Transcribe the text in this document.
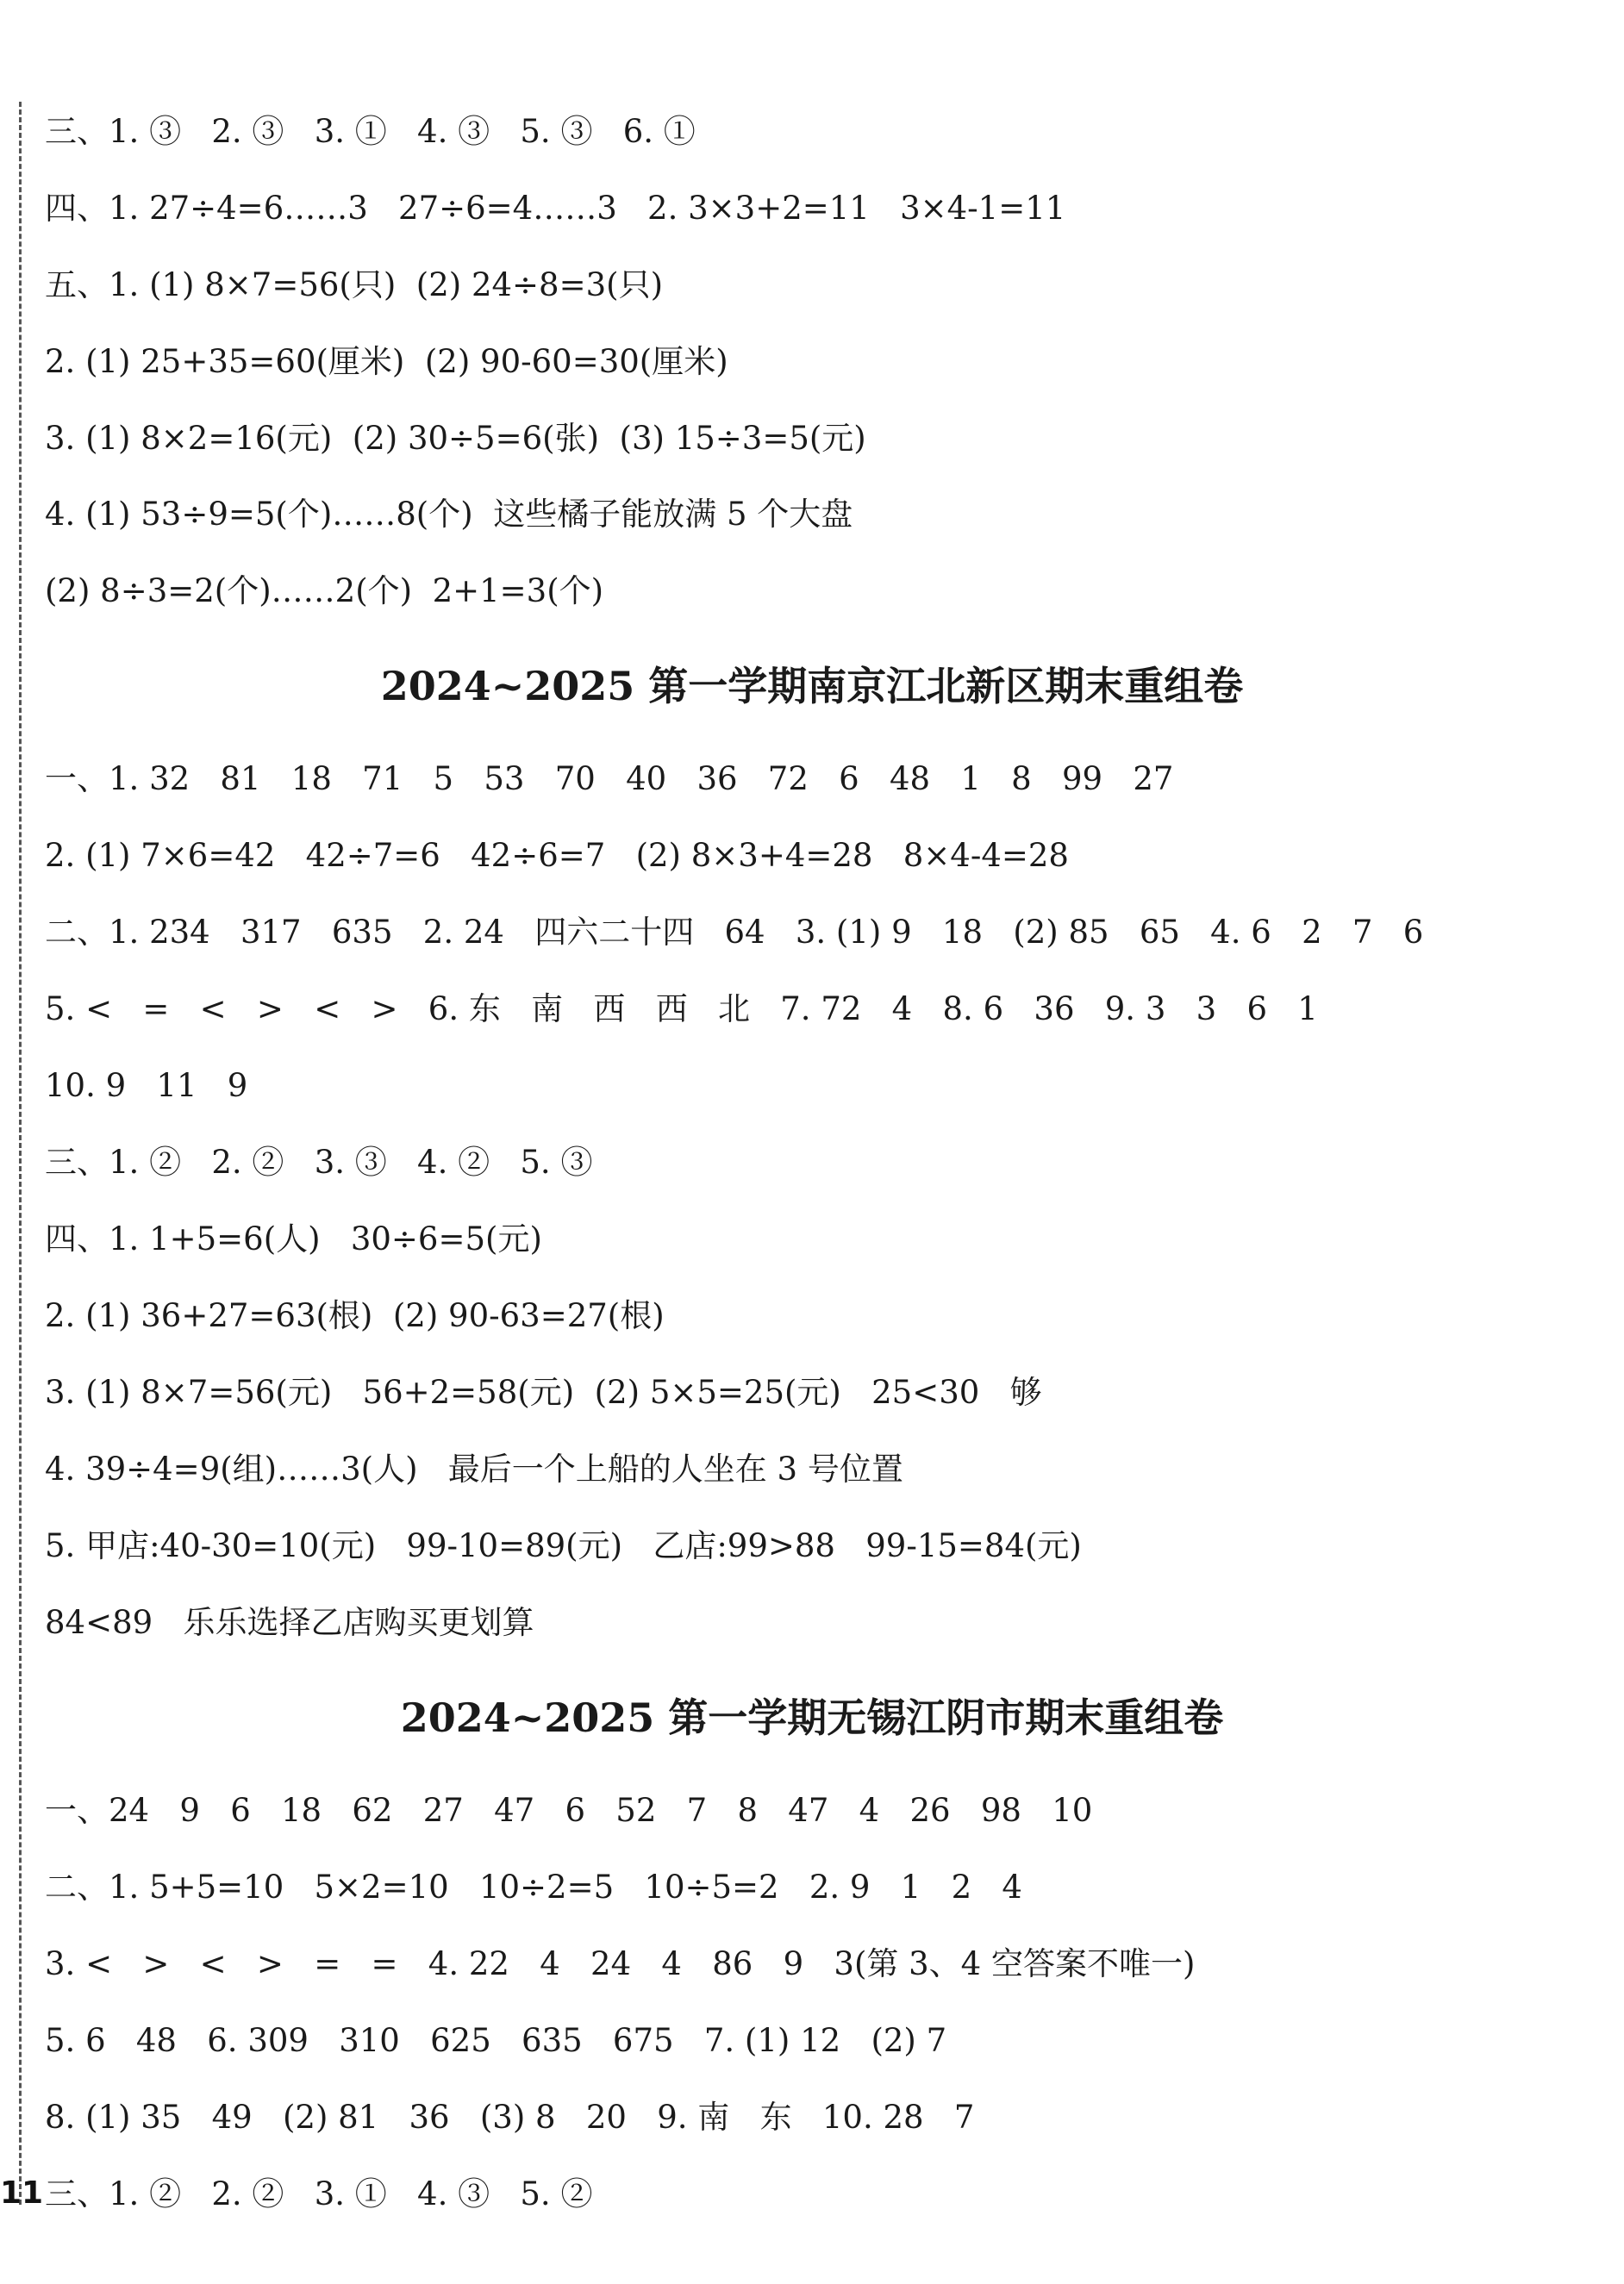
三、1. ③   2. ③   3. ①   4. ③   5. ③   6. ①
四、1. 27÷4=6……3   27÷6=4……3   2. 3×3+2=11   3×4-1=11
五、1. (1) 8×7=56(只)  (2) 24÷8=3(只)
2. (1) 25+35=60(厘米)  (2) 90-60=30(厘米)
3. (1) 8×2=16(元)  (2) 30÷5=6(张)  (3) 15÷3=5(元)
4. (1) 53÷9=5(个)……8(个)  这些橘子能放满 5 个大盘
(2) 8÷3=2(个)……2(个)  2+1=3(个)
2024~2025 第一学期南京江北新区期末重组卷
一、1. 32   81   18   71   5   53   70   40   36   72   6   48   1   8   99   27
2. (1) 7×6=42   42÷7=6   42÷6=7   (2) 8×3+4=28   8×4-4=28
二、1. 234   317   635   2. 24   四六二十四   64   3. (1) 9   18   (2) 85   65   4. 6   2   7   6
5. <   =   <   >   <   >   6. 东   南   西   西   北   7. 72   4   8. 6   36   9. 3   3   6   1
10. 9   11   9
三、1. ②   2. ②   3. ③   4. ②   5. ③
四、1. 1+5=6(人)   30÷6=5(元)
2. (1) 36+27=63(根)  (2) 90-63=27(根)
3. (1) 8×7=56(元)   56+2=58(元)  (2) 5×5=25(元)   25<30   够
4. 39÷4=9(组)……3(人)   最后一个上船的人坐在 3 号位置
5. 甲店:40-30=10(元)   99-10=89(元)   乙店:99>88   99-15=84(元)
84<89   乐乐选择乙店购买更划算
2024~2025 第一学期无锡江阴市期末重组卷
一、24   9   6   18   62   27   47   6   52   7   8   47   4   26   98   10
二、1. 5+5=10   5×2=10   10÷2=5   10÷5=2   2. 9   1   2   4
3. <   >   <   >   =   =   4. 22   4   24   4   86   9   3(第 3、4 空答案不唯一)
5. 6   48   6. 309   310   625   635   675   7. (1) 12   (2) 7
8. (1) 35   49   (2) 81   36   (3) 8   20   9. 南   东   10. 28   7
三、1. ②   2. ②   3. ①   4. ③   5. ②
11
